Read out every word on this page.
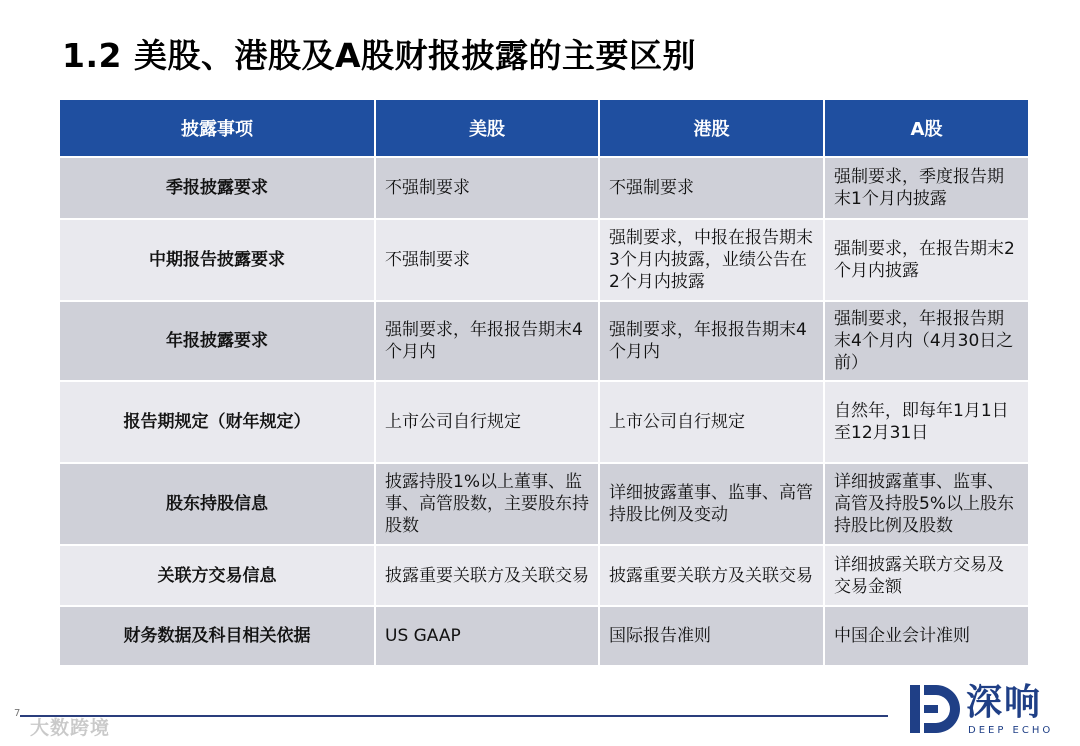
1.2 美股、港股及A股财报披露的主要区别
披露事项	美股	港股	A股
季报披露要求	不强制要求	不强制要求	强制要求，季度报告期末1个月内披露
中期报告披露要求	不强制要求	强制要求，中报在报告期末3个月内披露，业绩公告在2个月内披露	强制要求，在报告期末2个月内披露
年报披露要求	强制要求，年报报告期末4个月内	强制要求，年报报告期末4个月内	强制要求，年报报告期末4个月内（4月30日之前）
报告期规定（财年规定）	上市公司自行规定	上市公司自行规定	自然年，即每年1月1日至12月31日
股东持股信息	披露持股1%以上董事、监事、高管股数，主要股东持股数	详细披露董事、监事、高管持股比例及变动	详细披露董事、监事、高管及持股5%以上股东持股比例及股数
关联方交易信息	披露重要关联方及关联交易	披露重要关联方及关联交易	详细披露关联方交易及交易金额
财务数据及科目相关依据	US GAAP	国际报告准则	中国企业会计准则
7
大数跨境
深响
DEEP ECHO
